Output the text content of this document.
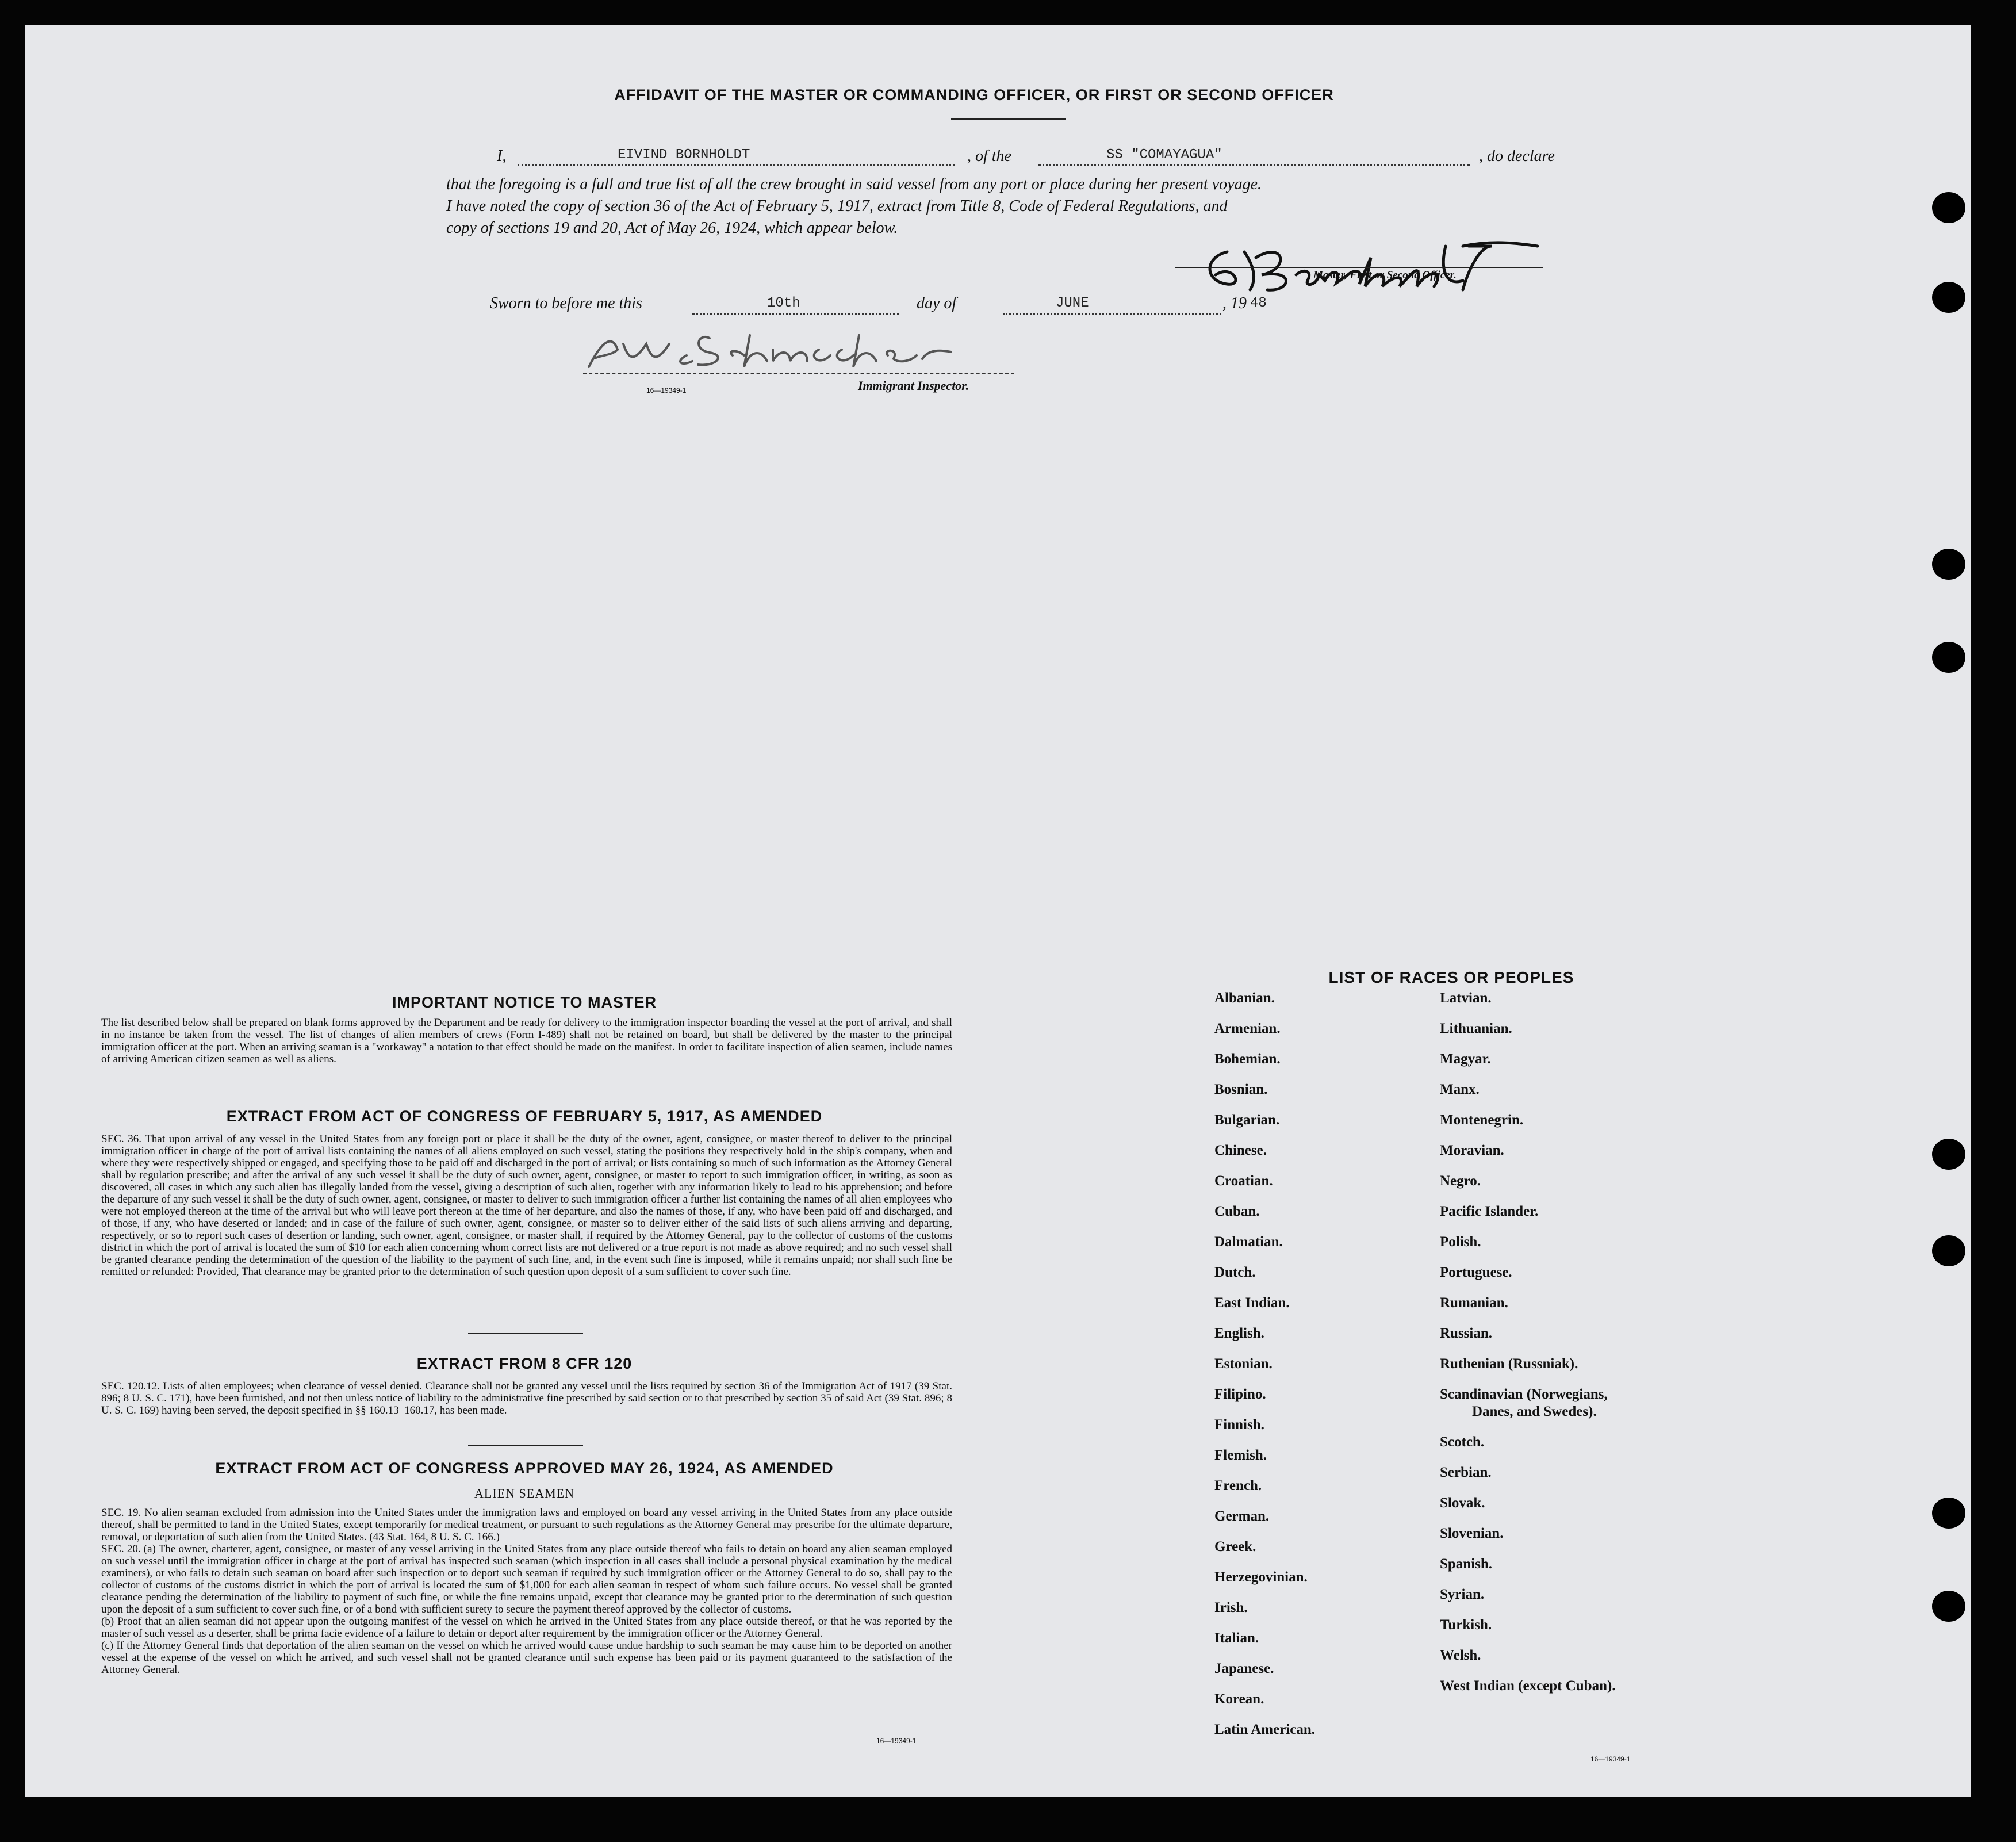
AFFIDAVIT OF THE MASTER OR COMMANDING OFFICER, OR FIRST OR SECOND OFFICER
I,	EIVIND BORNHOLDT	, of the	SS "COMAYAGUA"	, do declare
that the foregoing is a full and true list of all the crew brought in said vessel from any port or place during her present voyage.
I have noted the copy of section 36 of the Act of February 5, 1917, extract from Title 8, Code of Federal Regulations, and
copy of sections 19 and 20, Act of May 26, 1924, which appear below.
Master, First or Second Officer.
Sworn to before me this	10th	day of	JUNE	, 19 48
16—19349-1	Immigrant Inspector.
IMPORTANT NOTICE TO MASTER
The list described below shall be prepared on blank forms approved by the Department and be ready for delivery to the immigration inspector boarding the vessel at the port of arrival, and shall in no instance be taken from the vessel. The list of changes of alien members of crews (Form I-489) shall not be retained on board, but shall be delivered by the master to the principal immigration officer at the port. When an arriving seaman is a "workaway" a notation to that effect should be made on the manifest. In order to facilitate inspection of alien seamen, include names of arriving American citizen seamen as well as aliens.
EXTRACT FROM ACT OF CONGRESS OF FEBRUARY 5, 1917, AS AMENDED
SEC. 36. That upon arrival of any vessel in the United States from any foreign port or place it shall be the duty of the owner, agent, consignee, or master thereof to deliver to the principal immigration officer in charge of the port of arrival lists containing the names of all aliens employed on such vessel, stating the positions they respectively hold in the ship's company, when and where they were respectively shipped or engaged, and specifying those to be paid off and discharged in the port of arrival; or lists containing so much of such information as the Attorney General shall by regulation prescribe; and after the arrival of any such vessel it shall be the duty of such owner, agent, consignee, or master to report to such immigration officer, in writing, as soon as discovered, all cases in which any such alien has illegally landed from the vessel, giving a description of such alien, together with any information likely to lead to his apprehension; and before the departure of any such vessel it shall be the duty of such owner, agent, consignee, or master to deliver to such immigration officer a further list containing the names of all alien employees who were not employed thereon at the time of the arrival but who will leave port thereon at the time of her departure, and also the names of those, if any, who have been paid off and discharged, and of those, if any, who have deserted or landed; and in case of the failure of such owner, agent, consignee, or master so to deliver either of the said lists of such aliens arriving and departing, respectively, or so to report such cases of desertion or landing, such owner, agent, consignee, or master shall, if required by the Attorney General, pay to the collector of customs of the customs district in which the port of arrival is located the sum of $10 for each alien concerning whom correct lists are not delivered or a true report is not made as above required; and no such vessel shall be granted clearance pending the determination of the question of the liability to the payment of such fine, and, in the event such fine is imposed, while it remains unpaid; nor shall such fine be remitted or refunded: Provided, That clearance may be granted prior to the determination of such question upon deposit of a sum sufficient to cover such fine.
EXTRACT FROM 8 CFR 120
SEC. 120.12. Lists of alien employees; when clearance of vessel denied. Clearance shall not be granted any vessel until the lists required by section 36 of the Immigration Act of 1917 (39 Stat. 896; 8 U. S. C. 171), have been furnished, and not then unless notice of liability to the administrative fine prescribed by said section or to that prescribed by section 35 of said Act (39 Stat. 896; 8 U. S. C. 169) having been served, the deposit specified in §§ 160.13–160.17, has been made.
EXTRACT FROM ACT OF CONGRESS APPROVED MAY 26, 1924, AS AMENDED
ALIEN SEAMEN
SEC. 19. No alien seaman excluded from admission into the United States under the immigration laws and employed on board any vessel arriving in the United States from any place outside thereof, shall be permitted to land in the United States, except temporarily for medical treatment, or pursuant to such regulations as the Attorney General may prescribe for the ultimate departure, removal, or deportation of such alien from the United States. (43 Stat. 164, 8 U. S. C. 166.)
SEC. 20. (a) The owner, charterer, agent, consignee, or master of any vessel arriving in the United States from any place outside thereof who fails to detain on board any alien seaman employed on such vessel until the immigration officer in charge at the port of arrival has inspected such seaman (which inspection in all cases shall include a personal physical examination by the medical examiners), or who fails to detain such seaman on board after such inspection or to deport such seaman if required by such immigration officer or the Attorney General to do so, shall pay to the collector of customs of the customs district in which the port of arrival is located the sum of $1,000 for each alien seaman in respect of whom such failure occurs. No vessel shall be granted clearance pending the determination of the liability to payment of such fine, or while the fine remains unpaid, except that clearance may be granted prior to the determination of such question upon the deposit of a sum sufficient to cover such fine, or of a bond with sufficient surety to secure the payment thereof approved by the collector of customs.
(b) Proof that an alien seaman did not appear upon the outgoing manifest of the vessel on which he arrived in the United States from any place outside thereof, or that he was reported by the master of such vessel as a deserter, shall be prima facie evidence of a failure to detain or deport after requirement by the immigration officer or the Attorney General.
(c) If the Attorney General finds that deportation of the alien seaman on the vessel on which he arrived would cause undue hardship to such seaman he may cause him to be deported on another vessel at the expense of the vessel on which he arrived, and such vessel shall not be granted clearance until such expense has been paid or its payment guaranteed to the satisfaction of the Attorney General.
16—19349-1
LIST OF RACES OR PEOPLES
16—19349-1
Albanian.
Armenian.
Bohemian.
Bosnian.
Bulgarian.
Chinese.
Croatian.
Cuban.
Dalmatian.
Dutch.
East Indian.
English.
Estonian.
Filipino.
Finnish.
Flemish.
French.
German.
Greek.
Herzegovinian.
Irish.
Italian.
Japanese.
Korean.
Latin American.
Latvian.
Lithuanian.
Magyar.
Manx.
Montenegrin.
Moravian.
Negro.
Pacific Islander.
Polish.
Portuguese.
Rumanian.
Russian.
Ruthenian (Russniak).
Scandinavian (Norwegians,
Danes, and Swedes).
Scotch.
Serbian.
Slovak.
Slovenian.
Spanish.
Syrian.
Turkish.
Welsh.
West Indian (except Cuban).
